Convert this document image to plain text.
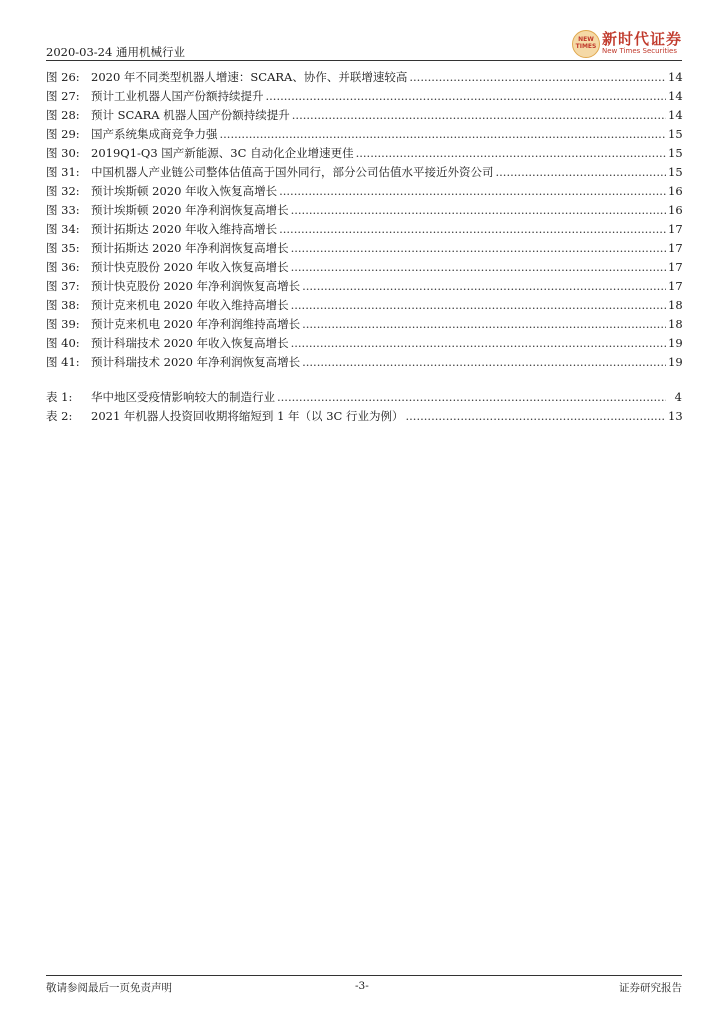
2020-03-24 通用机械行业
NEW TIMES 新时代证券
New Times Securities
图 26: 2020 年不同类型机器人增速：SCARA、协作、并联增速较高 .....	14
图 27: 预计工业机器人国产份额持续提升 .....	14
图 28: 预计 SCARA 机器人国产份额持续提升 .....	14
图 29: 国产系统集成商竞争力强 .....	15
图 30: 2019Q1-Q3 国产新能源、3C 自动化企业增速更佳 .....	15
图 31: 中国机器人产业链公司整体估值高于国外同行，部分公司估值水平接近外资公司 .....	15
图 32: 预计埃斯顿 2020 年收入恢复高增长 .....	16
图 33: 预计埃斯顿 2020 年净利润恢复高增长 .....	16
图 34: 预计拓斯达 2020 年收入维持高增长 .....	17
图 35: 预计拓斯达 2020 年净利润恢复高增长 .....	17
图 36: 预计快克股份 2020 年收入恢复高增长 .....	17
图 37: 预计快克股份 2020 年净利润恢复高增长 .....	17
图 38: 预计克来机电 2020 年收入维持高增长 .....	18
图 39: 预计克来机电 2020 年净利润维持高增长 .....	18
图 40: 预计科瑞技术 2020 年收入恢复高增长 .....	19
图 41: 预计科瑞技术 2020 年净利润恢复高增长 .....	19
表 1:	华中地区受疫情影响较大的制造行业 .....	4
表 2:	2021 年机器人投资回收期将缩短到 1 年（以 3C 行业为例） .....	13
敬请参阅最后一页免责声明	-3-	证券研究报告
